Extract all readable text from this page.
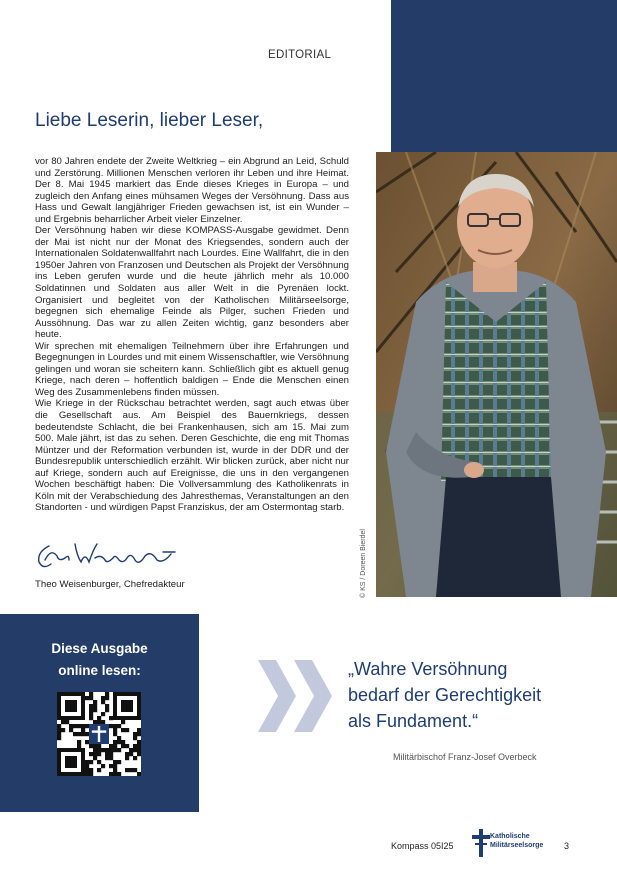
EDITORIAL
Liebe Leserin, lieber Leser,

vor 80 Jahren endete der Zweite Weltkrieg – ein Abgrund an Leid, Schuld und Zerstörung. Millionen Menschen verloren ihr Leben und ihre Heimat. Der 8. Mai 1945 markiert das Ende dieses Krieges in Europa – und zugleich den Anfang eines mühsamen Weges der Versöhnung. Dass aus Hass und Gewalt langjähriger Frieden gewachsen ist, ist ein Wunder – und Ergebnis beharrlicher Arbeit vieler Einzelner.

Der Versöhnung haben wir diese KOMPASS-Ausgabe gewidmet. Denn der Mai ist nicht nur der Monat des Kriegsendes, sondern auch der Internationalen Soldatenwallfahrt nach Lourdes. Eine Wallfahrt, die in den 1950er Jahren von Franzosen und Deutschen als Projekt der Versöhnung ins Leben gerufen wurde und die heute jährlich mehr als 10.000 Soldatinnen und Soldaten aus aller Welt in die Pyrenäen lockt. Organisiert und begleitet von der Katholischen Militärseelsorge, begegnen sich ehemalige Feinde als Pilger, suchen Frieden und Aussöhnung. Das war zu allen Zeiten wichtig, ganz besonders aber heute.

Wir sprechen mit ehemaligen Teilnehmern über ihre Erfahrungen und Begegnungen in Lourdes und mit einem Wissenschaftler, wie Versöhnung gelingen und woran sie scheitern kann. Schließlich gibt es aktuell genug Kriege, nach deren – hoffentlich baldigen – Ende die Menschen einen Weg des Zusammenlebens finden müssen.

Wie Kriege in der Rückschau betrachtet werden, sagt auch etwas über die Gesellschaft aus. Am Beispiel des Bauernkriegs, dessen bedeutendste Schlacht, die bei Frankenhausen, sich am 15. Mai zum 500. Male jährt, ist das zu sehen. Deren Geschichte, die eng mit Thomas Müntzer und der Reformation verbunden ist, wurde in der DDR und der Bundesrepublik unterschiedlich erzählt. Wir blicken zurück, aber nicht nur auf Kriege, sondern auch auf Ereignisse, die uns in den vergangenen Wochen beschäftigt haben: Die Vollversammlung des Katholikenrats in Köln mit der Verabschiedung des Jahresthemas, Veranstaltungen an den Standorten - und würdigen Papst Franziskus, der am Ostermontag starb.

© KS / Doreen Bierdel
Theo Weisenburger, Chefredakteur
Diese Ausgabe
online lesen:	„Wahre Versöhnung
bedarf der Gerechtigkeit
als Fundament.“
Militärbischof Franz-Josef Overbeck
Kompass 05I25
Katholische
Militärseelsorge 3
